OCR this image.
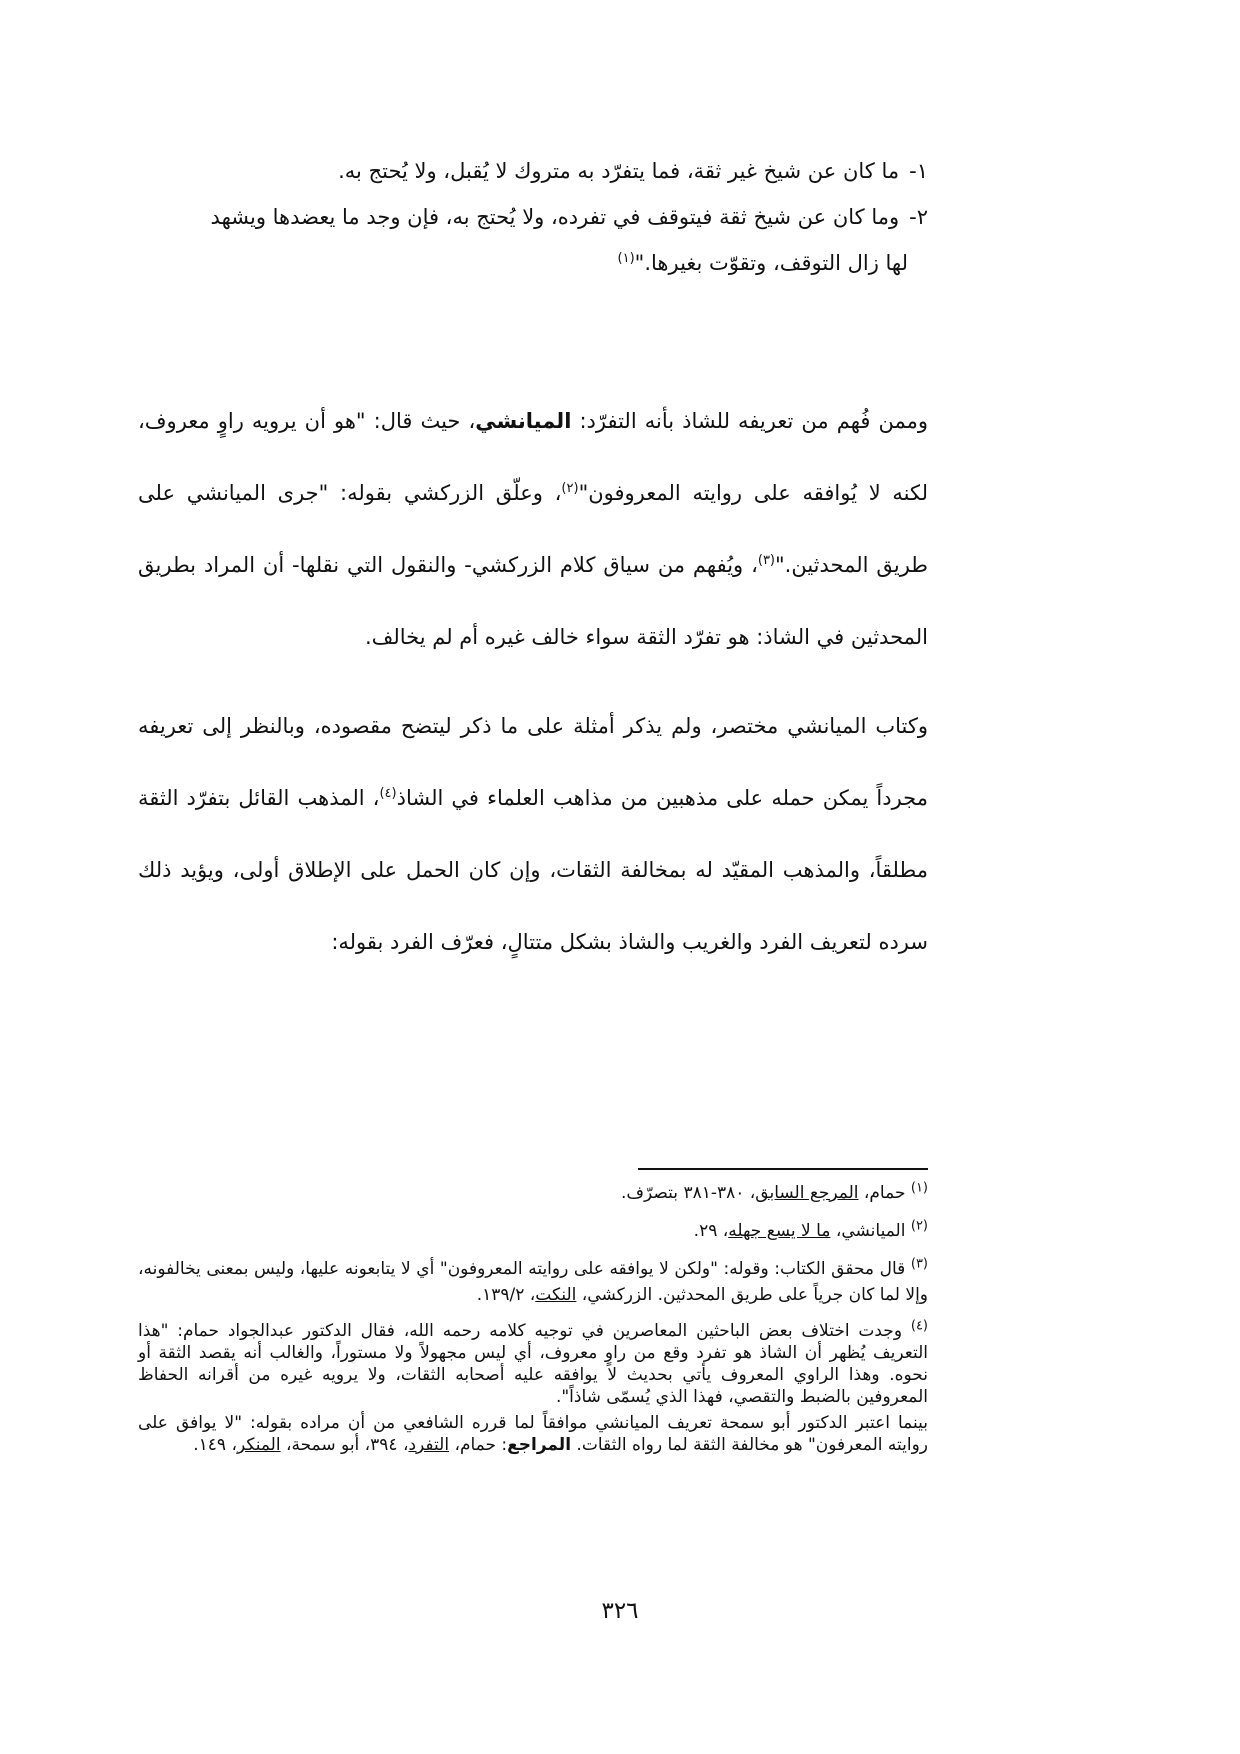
١-ما كان عن شيخ غير ثقة، فما يتفرّد به متروك لا يُقبل، ولا يُحتج به.
٢-وما كان عن شيخ ثقة فيتوقف في تفرده، ولا يُحتج به، فإن وجد ما يعضدها ويشهد
لها زال التوقف، وتقوّت بغيرها."$^{(١)}$

وممن فُهم من تعريفه للشاذ بأنه التفرّد: الميانشي، حيث قال: "هو أن يرويه راوٍ معروف، لكنه لا يُوافقه على روايته المعروفون"$^{(٢)}$، وعلّق الزركشي بقوله: "جرى الميانشي على طريق المحدثين."$^{(٣)}$، ويُفهم من سياق كلام الزركشي- والنقول التي نقلها- أن المراد بطريق المحدثين في الشاذ: هو تفرّد الثقة سواء خالف غيره أم لم يخالف.

وكتاب الميانشي مختصر، ولم يذكر أمثلة على ما ذكر ليتضح مقصوده، وبالنظر إلى تعريفه مجرداً يمكن حمله على مذهبين من مذاهب العلماء في الشاذ$^{(٤)}$، المذهب القائل بتفرّد الثقة مطلقاً، والمذهب المقيّد له بمخالفة الثقات، وإن كان الحمل على الإطلاق أولى، ويؤيد ذلك سرده لتعريف الفرد والغريب والشاذ بشكل متتالٍ، فعرّف الفرد بقوله:

$^{(١)}$ حمام، المرجع السابق، ٣٨٠-٣٨١ بتصرّف.

$^{(٢)}$ الميانشي، ما لا يسع جهله، ٢٩.

$^{(٣)}$ قال محقق الكتاب: وقوله: "ولكن لا يوافقه على روايته المعروفون" أي لا يتابعونه عليها، وليس بمعنى يخالفونه، وإلا لما كان جرياً على طريق المحدثين. الزركشي، النكت، ١٣٩/٢.

$^{(٤)}$ وجدت اختلاف بعض الباحثين المعاصرين في توجيه كلامه رحمه الله، فقال الدكتور عبدالجواد حمام: "هذا التعريف يُظهر أن الشاذ هو تفرد وقع من راوٍ معروف، أي ليس مجهولاً ولا مستوراً، والغالب أنه يقصد الثقة أو نحوه. وهذا الراوي المعروف يأتي بحديث لا يوافقه عليه أصحابه الثقات، ولا يرويه غيره من أقرانه الحفاظ المعروفين بالضبط والتقصي، فهذا الذي يُسمّى شاذاً".

بينما اعتبر الدكتور أبو سمحة تعريف الميانشي موافقاً لما قرره الشافعي من أن مراده بقوله: "لا يوافق على روايته المعرفون" هو مخالفة الثقة لما رواه الثقات. المراجع: حمام، التفرد، ٣٩٤، أبو سمحة، المنكر، ١٤٩.

٣٢٦
